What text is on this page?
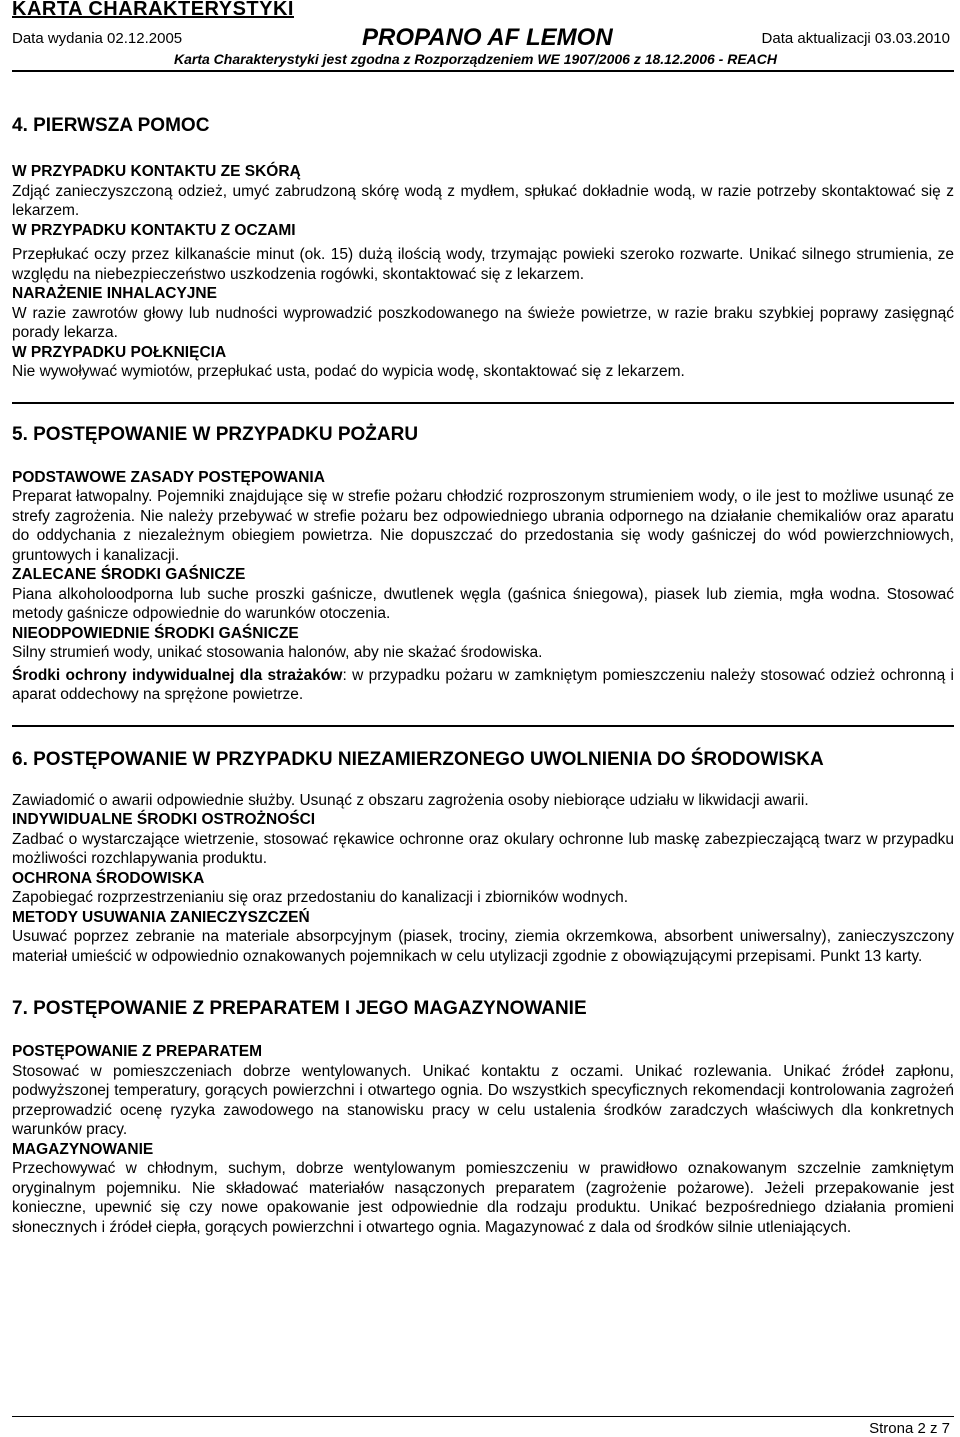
KARTA CHARAKTERYSTYKI
Data wydania 02.12.2005	PROPANO AF LEMON	Data aktualizacji 03.03.2010
Karta Charakterystyki jest zgodna z Rozporządzeniem WE 1907/2006 z 18.12.2006 - REACH
4. PIERWSZA POMOC
W PRZYPADKU KONTAKTU ZE SKÓRĄ

Zdjąć zanieczyszczoną odzież, umyć zabrudzoną skórę wodą z mydłem, spłukać dokładnie wodą, w razie potrzeby skontaktować się z lekarzem.

W PRZYPADKU KONTAKTU Z OCZAMI

Przepłukać oczy przez kilkanaście minut (ok. 15) dużą ilością wody, trzymając powieki szeroko rozwarte. Unikać silnego strumienia, ze względu na niebezpieczeństwo uszkodzenia rogówki, skontaktować się z lekarzem.

NARAŻENIE INHALACYJNE

W razie zawrotów głowy lub nudności wyprowadzić poszkodowanego na świeże powietrze, w razie braku szybkiej poprawy zasięgnąć porady lekarza.

W PRZYPADKU POŁKNIĘCIA

Nie wywoływać wymiotów, przepłukać usta, podać do wypicia wodę, skontaktować się z lekarzem.

5. POSTĘPOWANIE W PRZYPADKU POŻARU
PODSTAWOWE ZASADY POSTĘPOWANIA

Preparat łatwopalny. Pojemniki znajdujące się w strefie pożaru chłodzić rozproszonym strumieniem wody, o ile jest to możliwe usunąć ze strefy zagrożenia. Nie należy przebywać w strefie pożaru bez odpowiedniego ubrania odpornego na działanie chemikaliów oraz aparatu do oddychania z niezależnym obiegiem powietrza. Nie dopuszczać do przedostania się wody gaśniczej do wód powierzchniowych, gruntowych i kanalizacji.

ZALECANE ŚRODKI GAŚNICZE

Piana alkoholoodporna lub suche proszki gaśnicze, dwutlenek węgla (gaśnica śniegowa), piasek lub ziemia, mgła wodna. Stosować metody gaśnicze odpowiednie do warunków otoczenia.

NIEODPOWIEDNIE ŚRODKI GAŚNICZE

Silny strumień wody, unikać stosowania halonów, aby nie skażać środowiska.

Środki ochrony indywidualnej dla strażaków: w przypadku pożaru w zamkniętym pomieszczeniu należy stosować odzież ochronną i aparat oddechowy na sprężone powietrze.

6. POSTĘPOWANIE W PRZYPADKU NIEZAMIERZONEGO UWOLNIENIA DO ŚRODOWISKA

Zawiadomić o awarii odpowiednie służby. Usunąć z obszaru zagrożenia osoby niebiorące udziału w likwidacji awarii.

INDYWIDUALNE ŚRODKI OSTROŻNOŚCI

Zadbać o wystarczające wietrzenie, stosować rękawice ochronne oraz okulary ochronne lub maskę zabezpieczającą twarz w przypadku możliwości rozchlapywania produktu.

OCHRONA ŚRODOWISKA

Zapobiegać rozprzestrzenianiu się oraz przedostaniu do kanalizacji i zbiorników wodnych.

METODY USUWANIA ZANIECZYSZCZEŃ

Usuwać poprzez zebranie na materiale absorpcyjnym (piasek, trociny, ziemia okrzemkowa, absorbent uniwersalny), zanieczyszczony materiał umieścić w odpowiednio oznakowanych pojemnikach w celu utylizacji zgodnie z obowiązującymi przepisami. Punkt 13 karty.

7. POSTĘPOWANIE Z PREPARATEM I JEGO MAGAZYNOWANIE
POSTĘPOWANIE Z PREPARATEM

Stosować w pomieszczeniach dobrze wentylowanych. Unikać kontaktu z oczami. Unikać rozlewania. Unikać źródeł zapłonu, podwyższonej temperatury, gorących powierzchni i otwartego ognia. Do wszystkich specyficznych rekomendacji kontrolowania zagrożeń przeprowadzić ocenę ryzyka zawodowego na stanowisku pracy w celu ustalenia środków zaradczych właściwych dla konkretnych warunków pracy.

MAGAZYNOWANIE

Przechowywać w chłodnym, suchym, dobrze wentylowanym pomieszczeniu w prawidłowo oznakowanym szczelnie zamkniętym oryginalnym pojemniku. Nie składować materiałów nasączonych preparatem (zagrożenie pożarowe). Jeżeli przepakowanie jest konieczne, upewnić się czy nowe opakowanie jest odpowiednie dla rodzaju produktu. Unikać bezpośredniego działania promieni słonecznych i źródeł ciepła, gorących powierzchni i otwartego ognia. Magazynować z dala od środków silnie utleniających.

Strona 2 z 7
